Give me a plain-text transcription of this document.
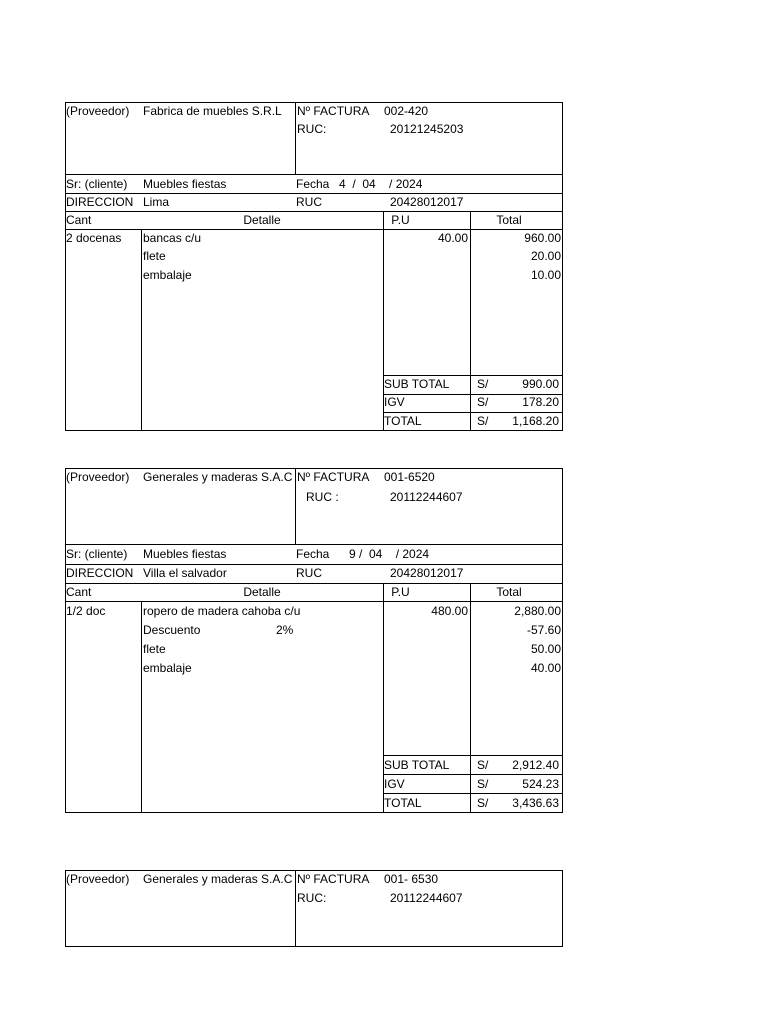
(Proveedor) Fabrica de muebles S.R.L Nº FACTURA 002-420
RUC:	20121245203
Sr: (cliente) Muebles fiestas	Fecha 4  /  04    / 2024
DIRECCION Lima	RUC	20428012017
Cant	Detalle	P.U	Total
2 docenas bancas c/u	40.00	960.00
flete	20.00
embalaje	10.00
SUB TOTAL S/	990.00
IGV	S/	178.20
TOTAL	S/	1,168.20
(Proveedor) Generales y maderas S.A.C Nº FACTURA 001-6520
RUC :	20112244607
Sr: (cliente) Muebles fiestas	Fecha 9 /  04    / 2024
DIRECCION Villa el salvador	RUC	20428012017
Cant	Detalle	P.U	Total
1/2 doc	ropero de madera cahoba c/u	480.00	2,880.00
Descuento	2%	-57.60
flete	50.00
embalaje	40.00
SUB TOTAL S/	2,912.40
IGV	S/	524.23
TOTAL	S/	3,436.63
(Proveedor) Generales y maderas S.A.C Nº FACTURA 001- 6530
RUC:	20112244607
